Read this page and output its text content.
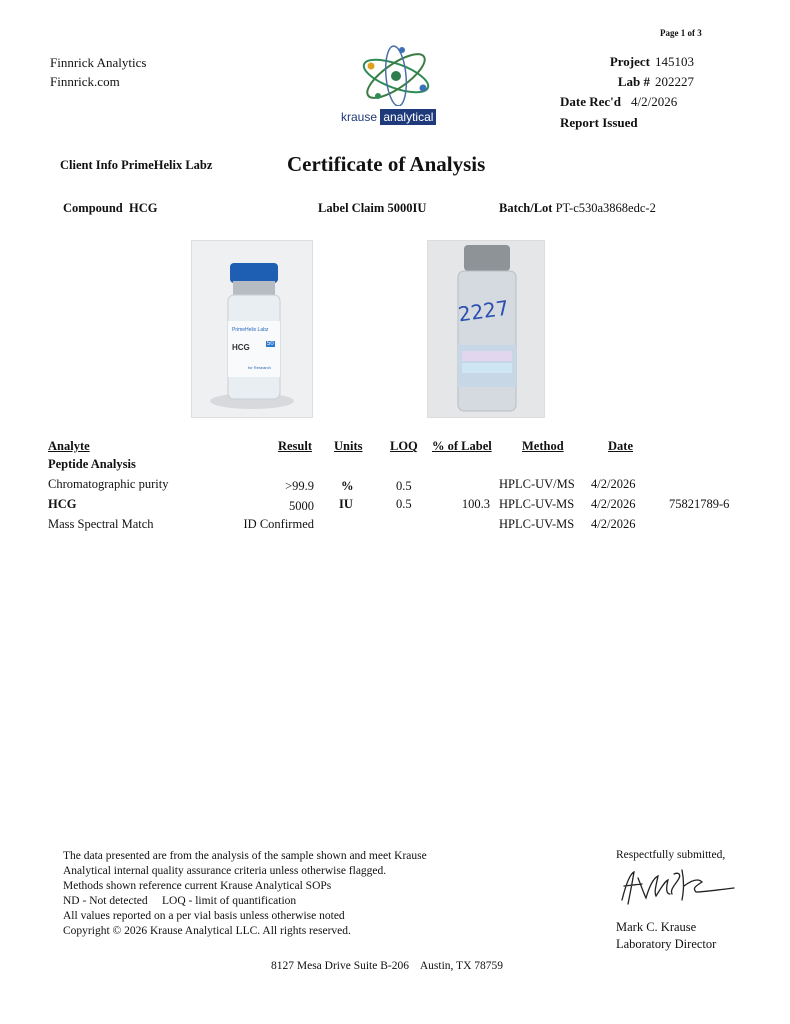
Page 1 of 3
Finnrick Analytics
Finnrick.com
krause analytical
Project 145103
Lab # 202227
Date Rec'd 4/2/2026
Report Issued
Client Info PrimeHelix Labz	Certificate of Analysis
Compound HCG	Label Claim 5000IU	Batch/Lot PT-c530a3868edc-2
PrimeHelix Labz
HCG	50
for Research
2227
Analyte	Result Units LOQ % of Label Method	Date
Peptide Analysis
Chromatographic purity	>99.9 %	0.5	HPLC-UV/MS 4/2/2026
HCG	5000 IU	0.5	100.3 HPLC-UV-MS 4/2/2026	75821789-6
Mass Spectral Match	ID Confirmed	HPLC-UV-MS 4/2/2026
The data presented are from the analysis of the sample shown and meet Krause
Analytical internal quality assurance criteria unless otherwise flagged.
Methods shown reference current Krause Analytical SOPs
ND - Not detected     LOQ - limit of quantification
All values reported on a per vial basis unless otherwise noted
Copyright © 2026 Krause Analytical LLC. All rights reserved.
Respectfully submitted,
Mark C. Krause
Laboratory Director
8127 Mesa Drive Suite B-206    Austin, TX 78759
